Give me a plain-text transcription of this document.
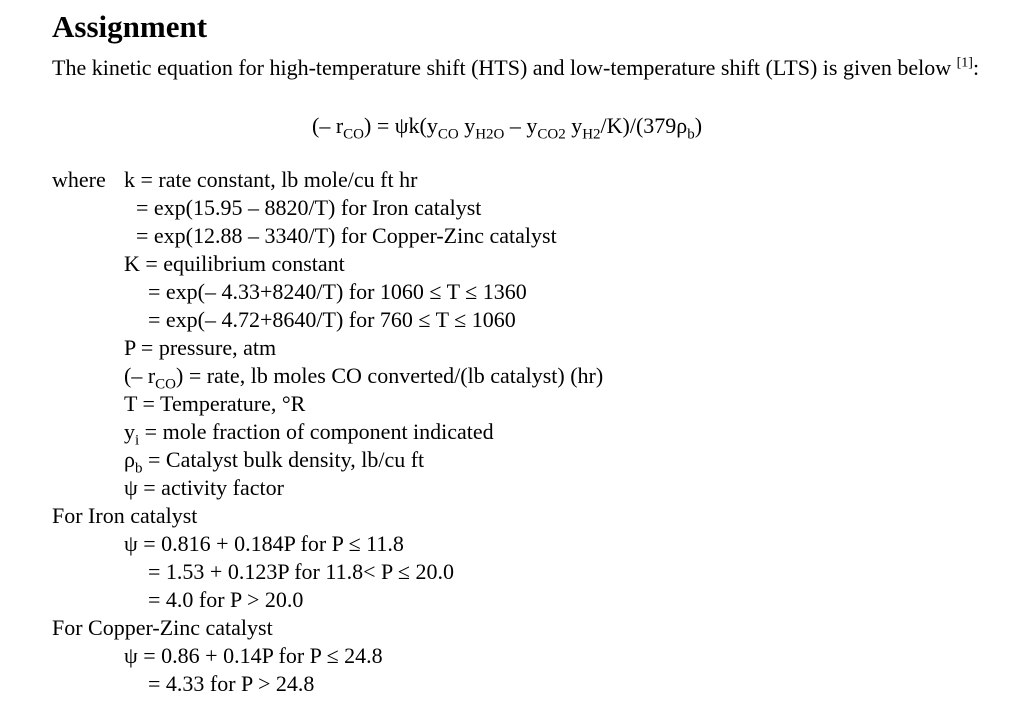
Assignment
The kinetic equation for high-temperature shift (HTS) and low-temperature shift (LTS) is given below [1]:
(– $r_{CO}) = \psi k(y_{CO}$ $y_{H2O} - y_{CO2}$ $y_{H2}/K)/(379\rho_b)$
where k = rate constant, lb mole/cu ft hr
= exp(15.95 – 8820/T) for Iron catalyst
= exp(12.88 – 3340/T) for Copper-Zinc catalyst
K = equilibrium constant
= exp(– 4.33+8240/T) for 1060 ≤ T ≤ 1360
= exp(– 4.72+8640/T) for 760 ≤ T ≤ 1060
P = pressure, atm
(– $r_{CO}$) = rate, lb moles CO converted/(lb catalyst) (hr)
T = Temperature, °R
$y_i$ = mole fraction of component indicated
$\rho_b$ = Catalyst bulk density, lb/cu ft
ψ = activity factor
For Iron catalyst
ψ = 0.816 + 0.184P for P ≤ 11.8
= 1.53 + 0.123P for 11.8< P ≤ 20.0
= 4.0 for P > 20.0
For Copper-Zinc catalyst
ψ = 0.86 + 0.14P for P ≤ 24.8
= 4.33 for P > 24.8
